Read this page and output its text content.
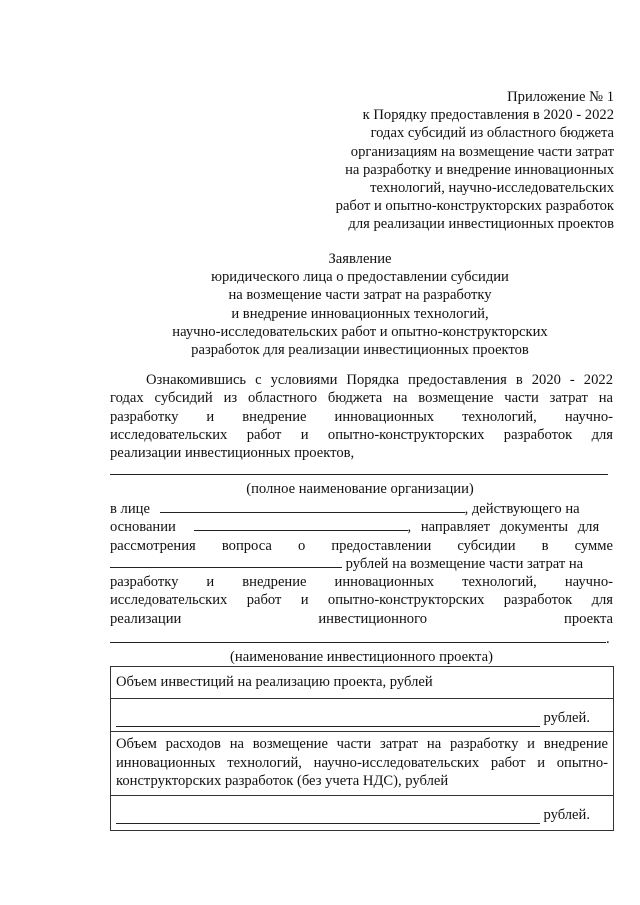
Приложение № 1
к Порядку предоставления в 2020 - 2022
годах субсидий из областного бюджета
организациям на возмещение части затрат
на разработку и внедрение инновационных
технологий, научно-исследовательских
работ и опытно-конструкторских разработок
для реализации инвестиционных проектов
Заявление
юридического лица о предоставлении субсидии
на возмещение части затрат на разработку
и внедрение инновационных технологий,
научно-исследовательских работ и опытно-конструкторских
разработок для реализации инвестиционных проектов
Ознакомившись с условиями Порядка предоставления в 2020 - 2022
годах субсидий из областного бюджета на возмещение части затрат на
разработку и внедрение инновационных технологий, научно-
исследовательских работ и опытно-конструкторских разработок для
реализации инвестиционных проектов,
(полное наименование организации)
в лице	, действующего на
основании	, направляет документы для
рассмотрения вопроса о предоставлении субсидии в сумме
рублей на возмещение части затрат на
разработку и внедрение инновационных технологий, научно-
исследовательских работ и опытно-конструкторских разработок для
реализации инвестиционного проекта
.
(наименование инвестиционного проекта)
Объем инвестиций на реализацию проекта, рублей
рублей.
Объем расходов на возмещение части затрат на разработку и внедрение
инновационных технологий, научно-исследовательских работ и опытно-
конструкторских разработок (без учета НДС), рублей
рублей.
